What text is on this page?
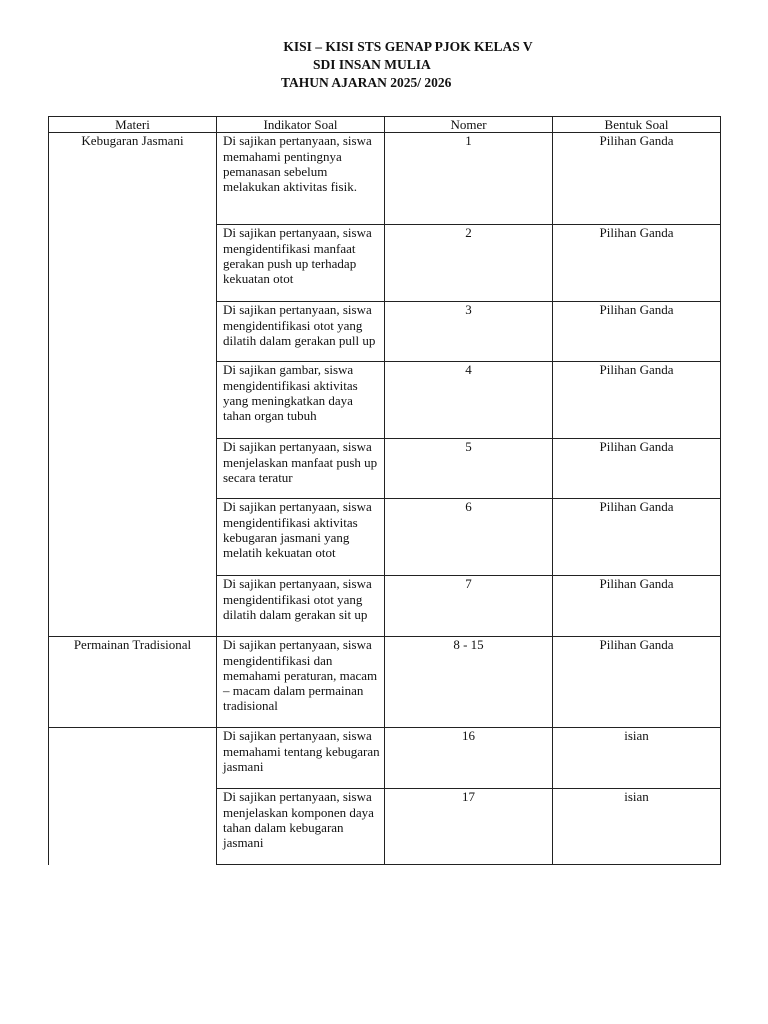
KISI – KISI STS GENAP PJOK KELAS V
SDI INSAN MULIA
TAHUN AJARAN 2025/ 2026
Materi	Indikator Soal	Nomer	Bentuk Soal
Kebugaran Jasmani	Di sajikan pertanyaan, siswa memahami pentingnya pemanasan sebelum melakukan aktivitas fisik.	1	Pilihan Ganda
	Di sajikan pertanyaan, siswa mengidentifikasi manfaat gerakan push up terhadap kekuatan otot	2	Pilihan Ganda
	Di sajikan pertanyaan, siswa mengidentifikasi otot yang dilatih dalam gerakan pull up	3	Pilihan Ganda
	Di sajikan gambar, siswa mengidentifikasi aktivitas yang meningkatkan daya tahan organ tubuh	4	Pilihan Ganda
	Di sajikan pertanyaan, siswa menjelaskan manfaat push up secara teratur	5	Pilihan Ganda
	Di sajikan pertanyaan, siswa mengidentifikasi aktivitas kebugaran jasmani yang melatih kekuatan otot	6	Pilihan Ganda
	Di sajikan pertanyaan, siswa mengidentifikasi otot yang dilatih dalam gerakan sit up	7	Pilihan Ganda
Permainan Tradisional	Di sajikan pertanyaan, siswa mengidentifikasi dan memahami peraturan, macam – macam dalam permainan tradisional	8 - 15	Pilihan Ganda
	Di sajikan pertanyaan, siswa memahami tentang kebugaran jasmani	16	isian
	Di sajikan pertanyaan, siswa menjelaskan komponen daya tahan dalam kebugaran jasmani	17	isian
